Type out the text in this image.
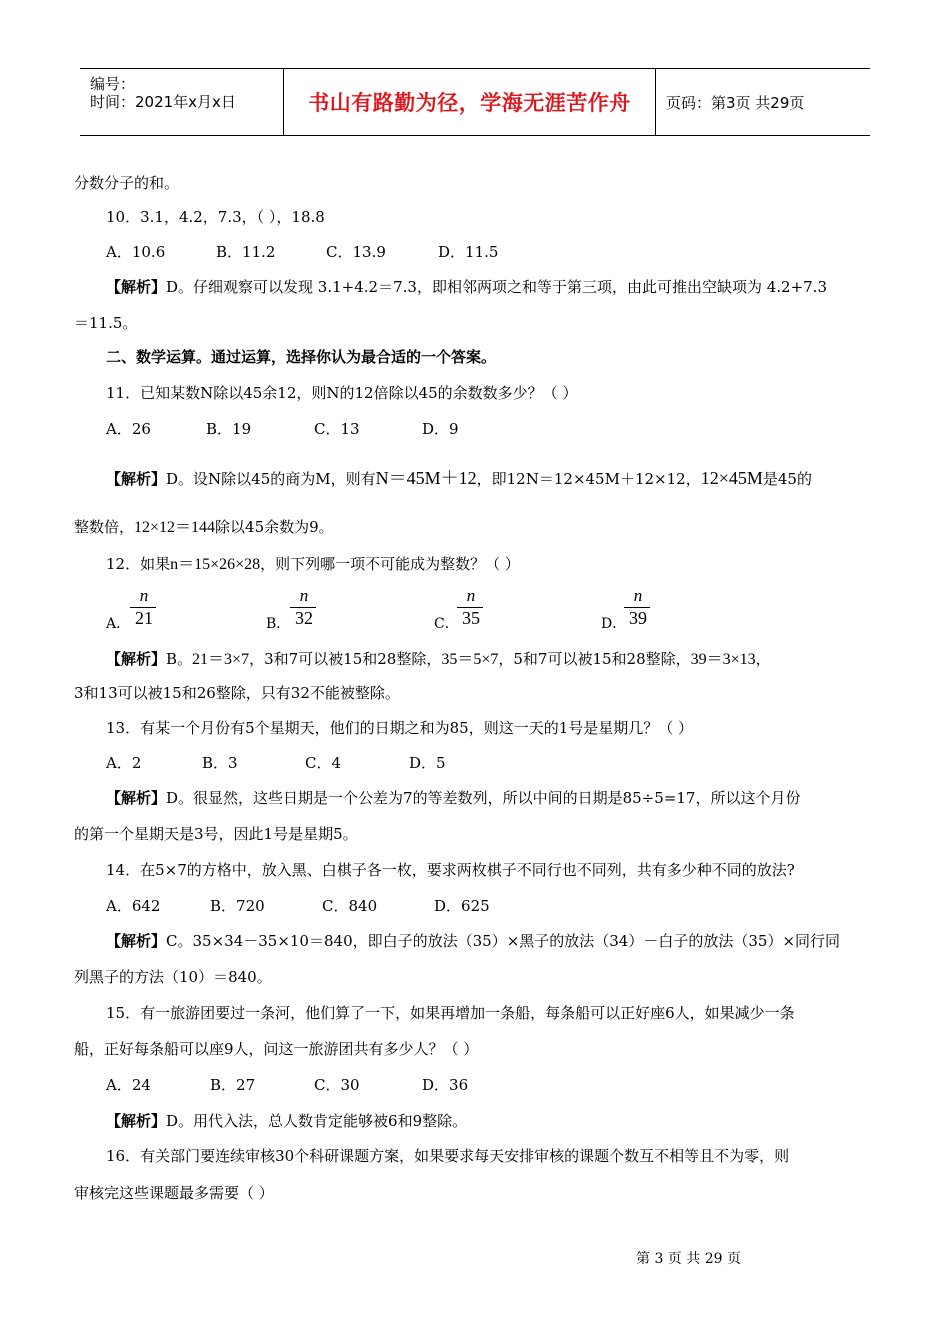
编号：
时间：2021年x月x日	书山有路勤为径，学海无涯苦作舟 页码：第3页 共29页
分数分子的和。
10．3.1，4.2，7.3，（ ），18.8
A．10.6	B．11.2	C．13.9	D．11.5
【解析】D。仔细观察可以发现 3.1+4.2＝7.3，即相邻两项之和等于第三项，由此可推出空缺项为 4.2+7.3
＝11.5。
二、数学运算。通过运算，选择你认为最合适的一个答案。
11．已知某数N除以45余12，则N的12倍除以45的余数数多少？（ ）
A．26	B．19	C．13	D．9
【解析】D。设N除以45的商为M，则有N＝45M＋12，即12N＝12×45M＋12×12，12×45M是45的
整数倍，12×12＝144除以45余数为9。
12．如果n＝15×26×28，则下列哪一项不可能成为整数？（ ）
A．
n
21	B．
n
32	C．
n
35	D．
n
39
【解析】B。21＝3×7，3和7可以被15和28整除，35＝5×7，5和7可以被15和28整除，39＝3×13，
3和13可以被15和26整除，只有32不能被整除。
13．有某一个月份有5个星期天，他们的日期之和为85，则这一天的1号是星期几？（ ）
A．2	B．3	C．4	D．5
【解析】D。很显然，这些日期是一个公差为7的等差数列，所以中间的日期是85÷5=17，所以这个月份
的第一个星期天是3号，因此1号是星期5。
14．在5×7的方格中，放入黑、白棋子各一枚，要求两枚棋子不同行也不同列，共有多少种不同的放法?
A．642	B．720	C．840	D．625
【解析】C。35×34－35×10＝840，即白子的放法（35）×黑子的放法（34）－白子的放法（35）×同行同
列黑子的方法（10）＝840。
15．有一旅游团要过一条河，他们算了一下，如果再增加一条船，每条船可以正好座6人，如果减少一条
船，正好每条船可以座9人，问这一旅游团共有多少人？（ ）
A．24	B．27	C．30	D．36
【解析】D。用代入法，总人数肯定能够被6和9整除。
16．有关部门要连续审核30个科研课题方案，如果要求每天安排审核的课题个数互不相等且不为零，则
审核完这些课题最多需要（ ）
第 3 页 共 29 页
